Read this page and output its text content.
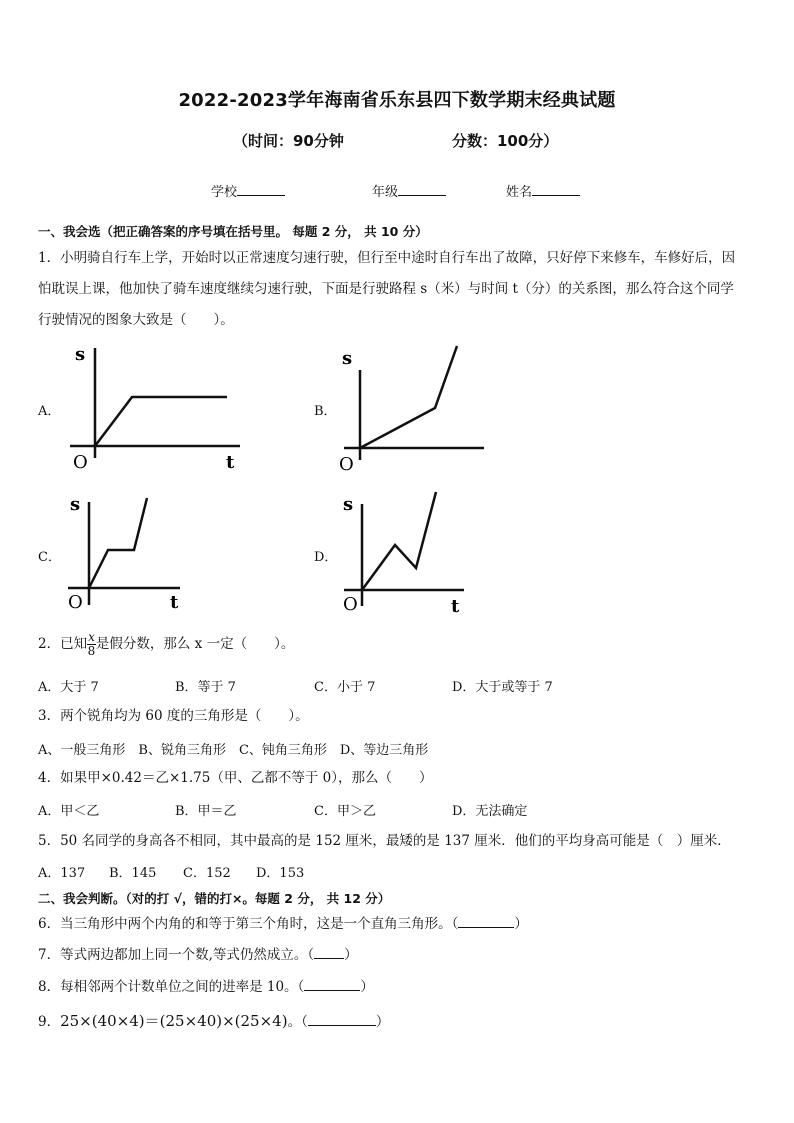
2022-2023学年海南省乐东县四下数学期末经典试题
（时间：90分钟	分数：100分）
学校	年级	姓名
一、我会选（把正确答案的序号填在括号里。 每题 2 分， 共 10 分）
1．小明骑自行车上学，开始时以正常速度匀速行驶，但行至中途时自行车出了故障，只好停下来修车，车修好后，因
怕耽误上课，他加快了骑车速度继续匀速行驶，下面是行驶路程 s（米）与时间 t（分）的关系图，那么符合这个同学
行驶情况的图象大致是（　　）。
A．	B．
C．	D．
s
t
O
s
O
s
t
O
s
t
O
2．已知 $\frac{x}{8}$ 是假分数，那么 x 一定（　　）。
A．大于 7	B．等于 7	C．小于 7	D．大于或等于 7
3．两个锐角均为 60 度的三角形是（　　）。
A、一般三角形　B、锐角三角形　C、钝角三角形　D、等边三角形
4．如果甲×0.42＝乙×1.75（甲、乙都不等于 0），那么（　　）
A．甲＜乙	B．甲＝乙	C．甲＞乙	D．无法确定
5．50 名同学的身高各不相同，其中最高的是 152 厘米，最矮的是 137 厘米．他们的平均身高可能是（　）厘米．
A．137 B．145 C．152 D．153
二、我会判断。（对的打 √，错的打×。每题 2 分， 共 12 分）
6．当三角形中两个内角的和等于第三个角时，这是一个直角三角形。（	）
7．等式两边都加上同一个数,等式仍然成立。（ ）
8．每相邻两个计数单位之间的进率是 10。（	）
9．25×(40×4)＝(25×40)×(25×4)。（	）
